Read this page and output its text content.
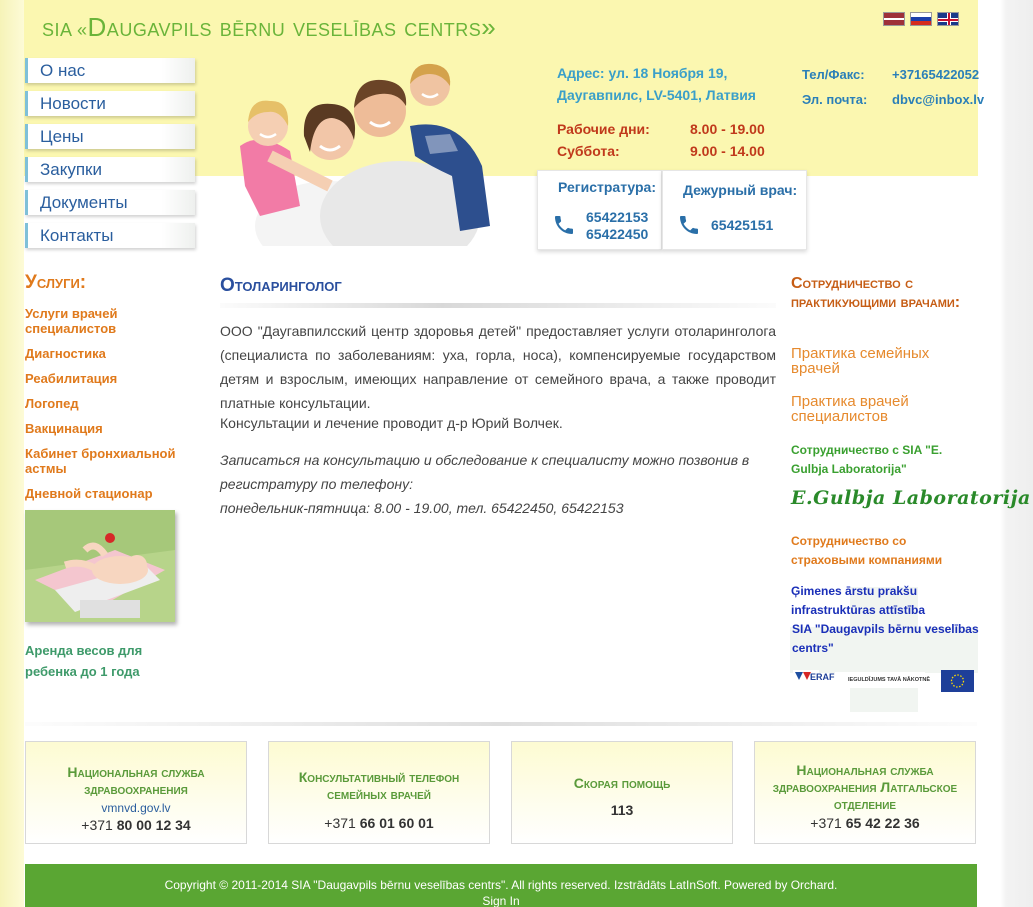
SIA «Daugavpils bērnu veselības centrs»
О нас
Новости
Цены
Закупки
Документы
Контакты
Адрес: ул. 18 Ноября 19,
Даугавпилс, LV-5401, Латвия
Тел/Факс:	+37165422052
Эл. почта:	dbvc@inbox.lv
Рабочие дни:	8.00 - 19.00
Суббота:	9.00 - 14.00
Регистратура:
65422153
65422450
Дежурный врач:
65425151
Услуги:
Услуги врачей специалистов
Диагностика
Реабилитация
Логопед
Вакцинация
Кабинет бронхиальной астмы
Дневной стационар
Аренда весов для ребенка до 1 года
Отоларинголог
ООО "Даугавпилсский центр здоровья детей" предоставляет услуги отоларинголога (специалиста по заболеваниям: уха, горла, носа), компенсируемые государством детям и взрослым, имеющих направление от семейного врача, а также проводит платные консультации.
Консультации и лечение проводит д-р Юрий Волчек.
Записаться на консультацию и обследование к специалисту можно позвонив в регистратуру по телефону:
понедельник-пятница: 8.00 - 19.00, тел. 65422450, 65422153
Сотрудничество с практикующими врачами:
Практика семейных врачей
Практика врачей специалистов
Сотрудничество с SIA "E. Gulbja Laboratorija"
E.Gulbja Laboratorija
Сотрудничество со страховыми компаниями
Ģimenes ārstu prakšu infrastruktūras attīstība
SIA "Daugavpils bērnu veselības centrs"
ERAF IEGULDĪJUMS TAVĀ NĀKOTNĒ
Национальная служба здравоохранения
vmnvd.gov.lv
+371 80 00 12 34
Консультативный телефон семейных врачей
+371 66 01 60 01
Скорая помощь
113
Национальная служба здравоохранения Латгальское отделение
+371 65 42 22 36
Copyright © 2011-2014 SIA "Daugavpils bērnu veselības centrs". All rights reserved. Izstrādāts LatInSoft. Powered by Orchard.
Sign In
